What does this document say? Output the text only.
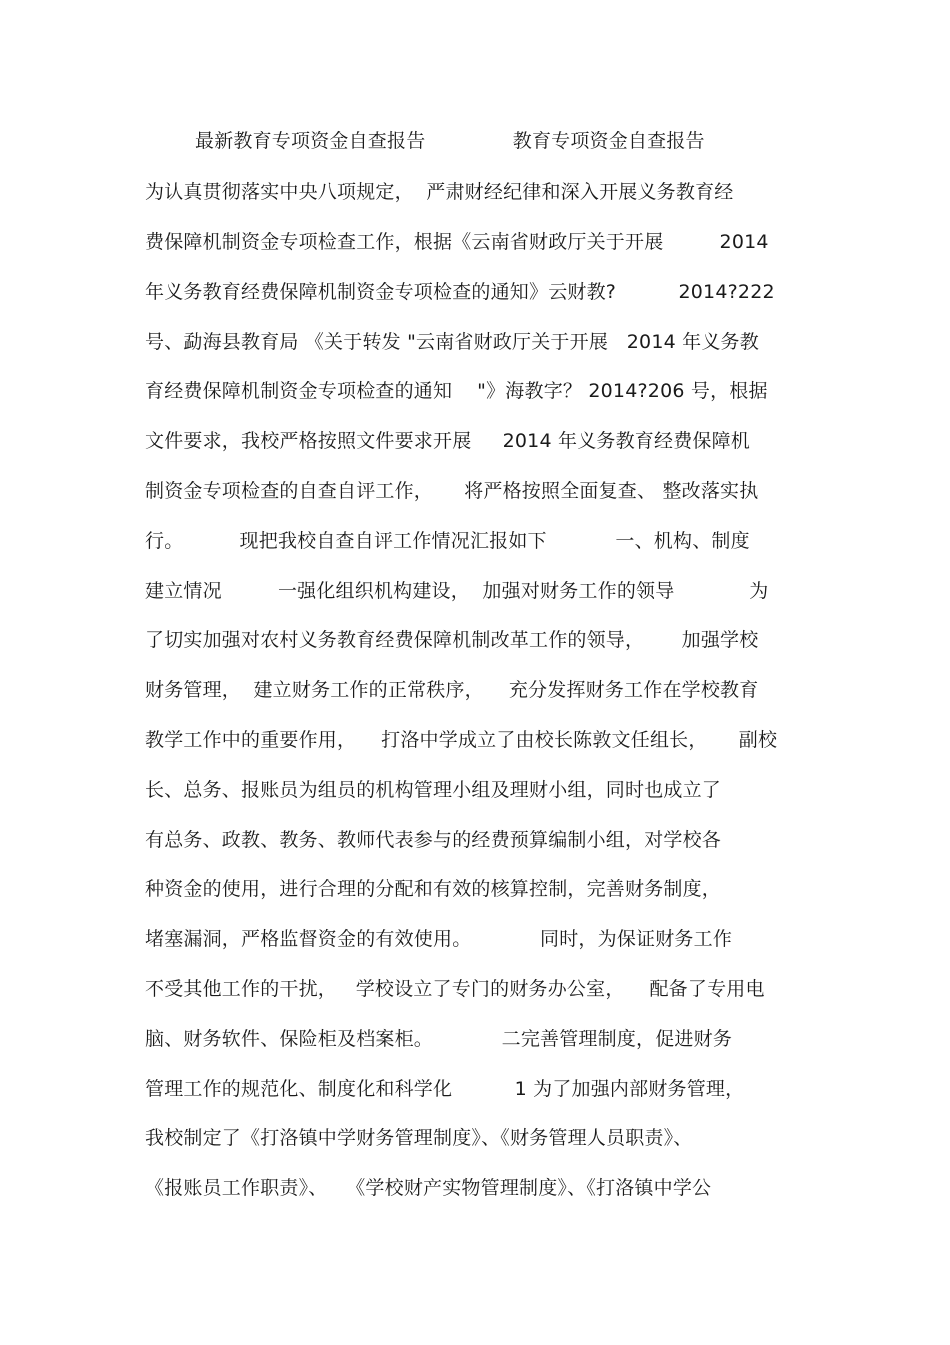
最新教育专项资金自查报告              教育专项资金自查报告
为认真贯彻落实中央八项规定，  严肃财经纪律和深入开展义务教育经
费保障机制资金专项检查工作，根据《云南省财政厅关于开展         2014
年义务教育经费保障机制资金专项检查的通知》云财教?          2014?222
号、勐海县教育局 《关于转发 "云南省财政厅关于开展   2014 年义务教
育经费保障机制资金专项检查的通知    "》海教字？ 2014?206 号，根据
文件要求，我校严格按照文件要求开展     2014 年义务教育经费保障机
制资金专项检查的自查自评工作，     将严格按照全面复查、 整改落实执
行。         现把我校自查自评工作情况汇报如下           一、机构、制度
建立情况         一强化组织机构建设，  加强对财务工作的领导            为
了切实加强对农村义务教育经费保障机制改革工作的领导，      加强学校
财务管理，  建立财务工作的正常秩序，    充分发挥财务工作在学校教育
教学工作中的重要作用，    打洛中学成立了由校长陈敦文任组长，     副校
长、总务、报账员为组员的机构管理小组及理财小组，同时也成立了
有总务、政教、教务、教师代表参与的经费预算编制小组，对学校各
种资金的使用，进行合理的分配和有效的核算控制，完善财务制度，
堵塞漏洞，严格监督资金的有效使用。           同时，为保证财务工作
不受其他工作的干扰，   学校设立了专门的财务办公室，    配备了专用电
脑、财务软件、保险柜及档案柜。           二完善管理制度，促进财务
管理工作的规范化、制度化和科学化          1 为了加强内部财务管理，
我校制定了《打洛镇中学财务管理制度》、《财务管理人员职责》、
《报账员工作职责》、   《学校财产实物管理制度》、《打洛镇中学公
